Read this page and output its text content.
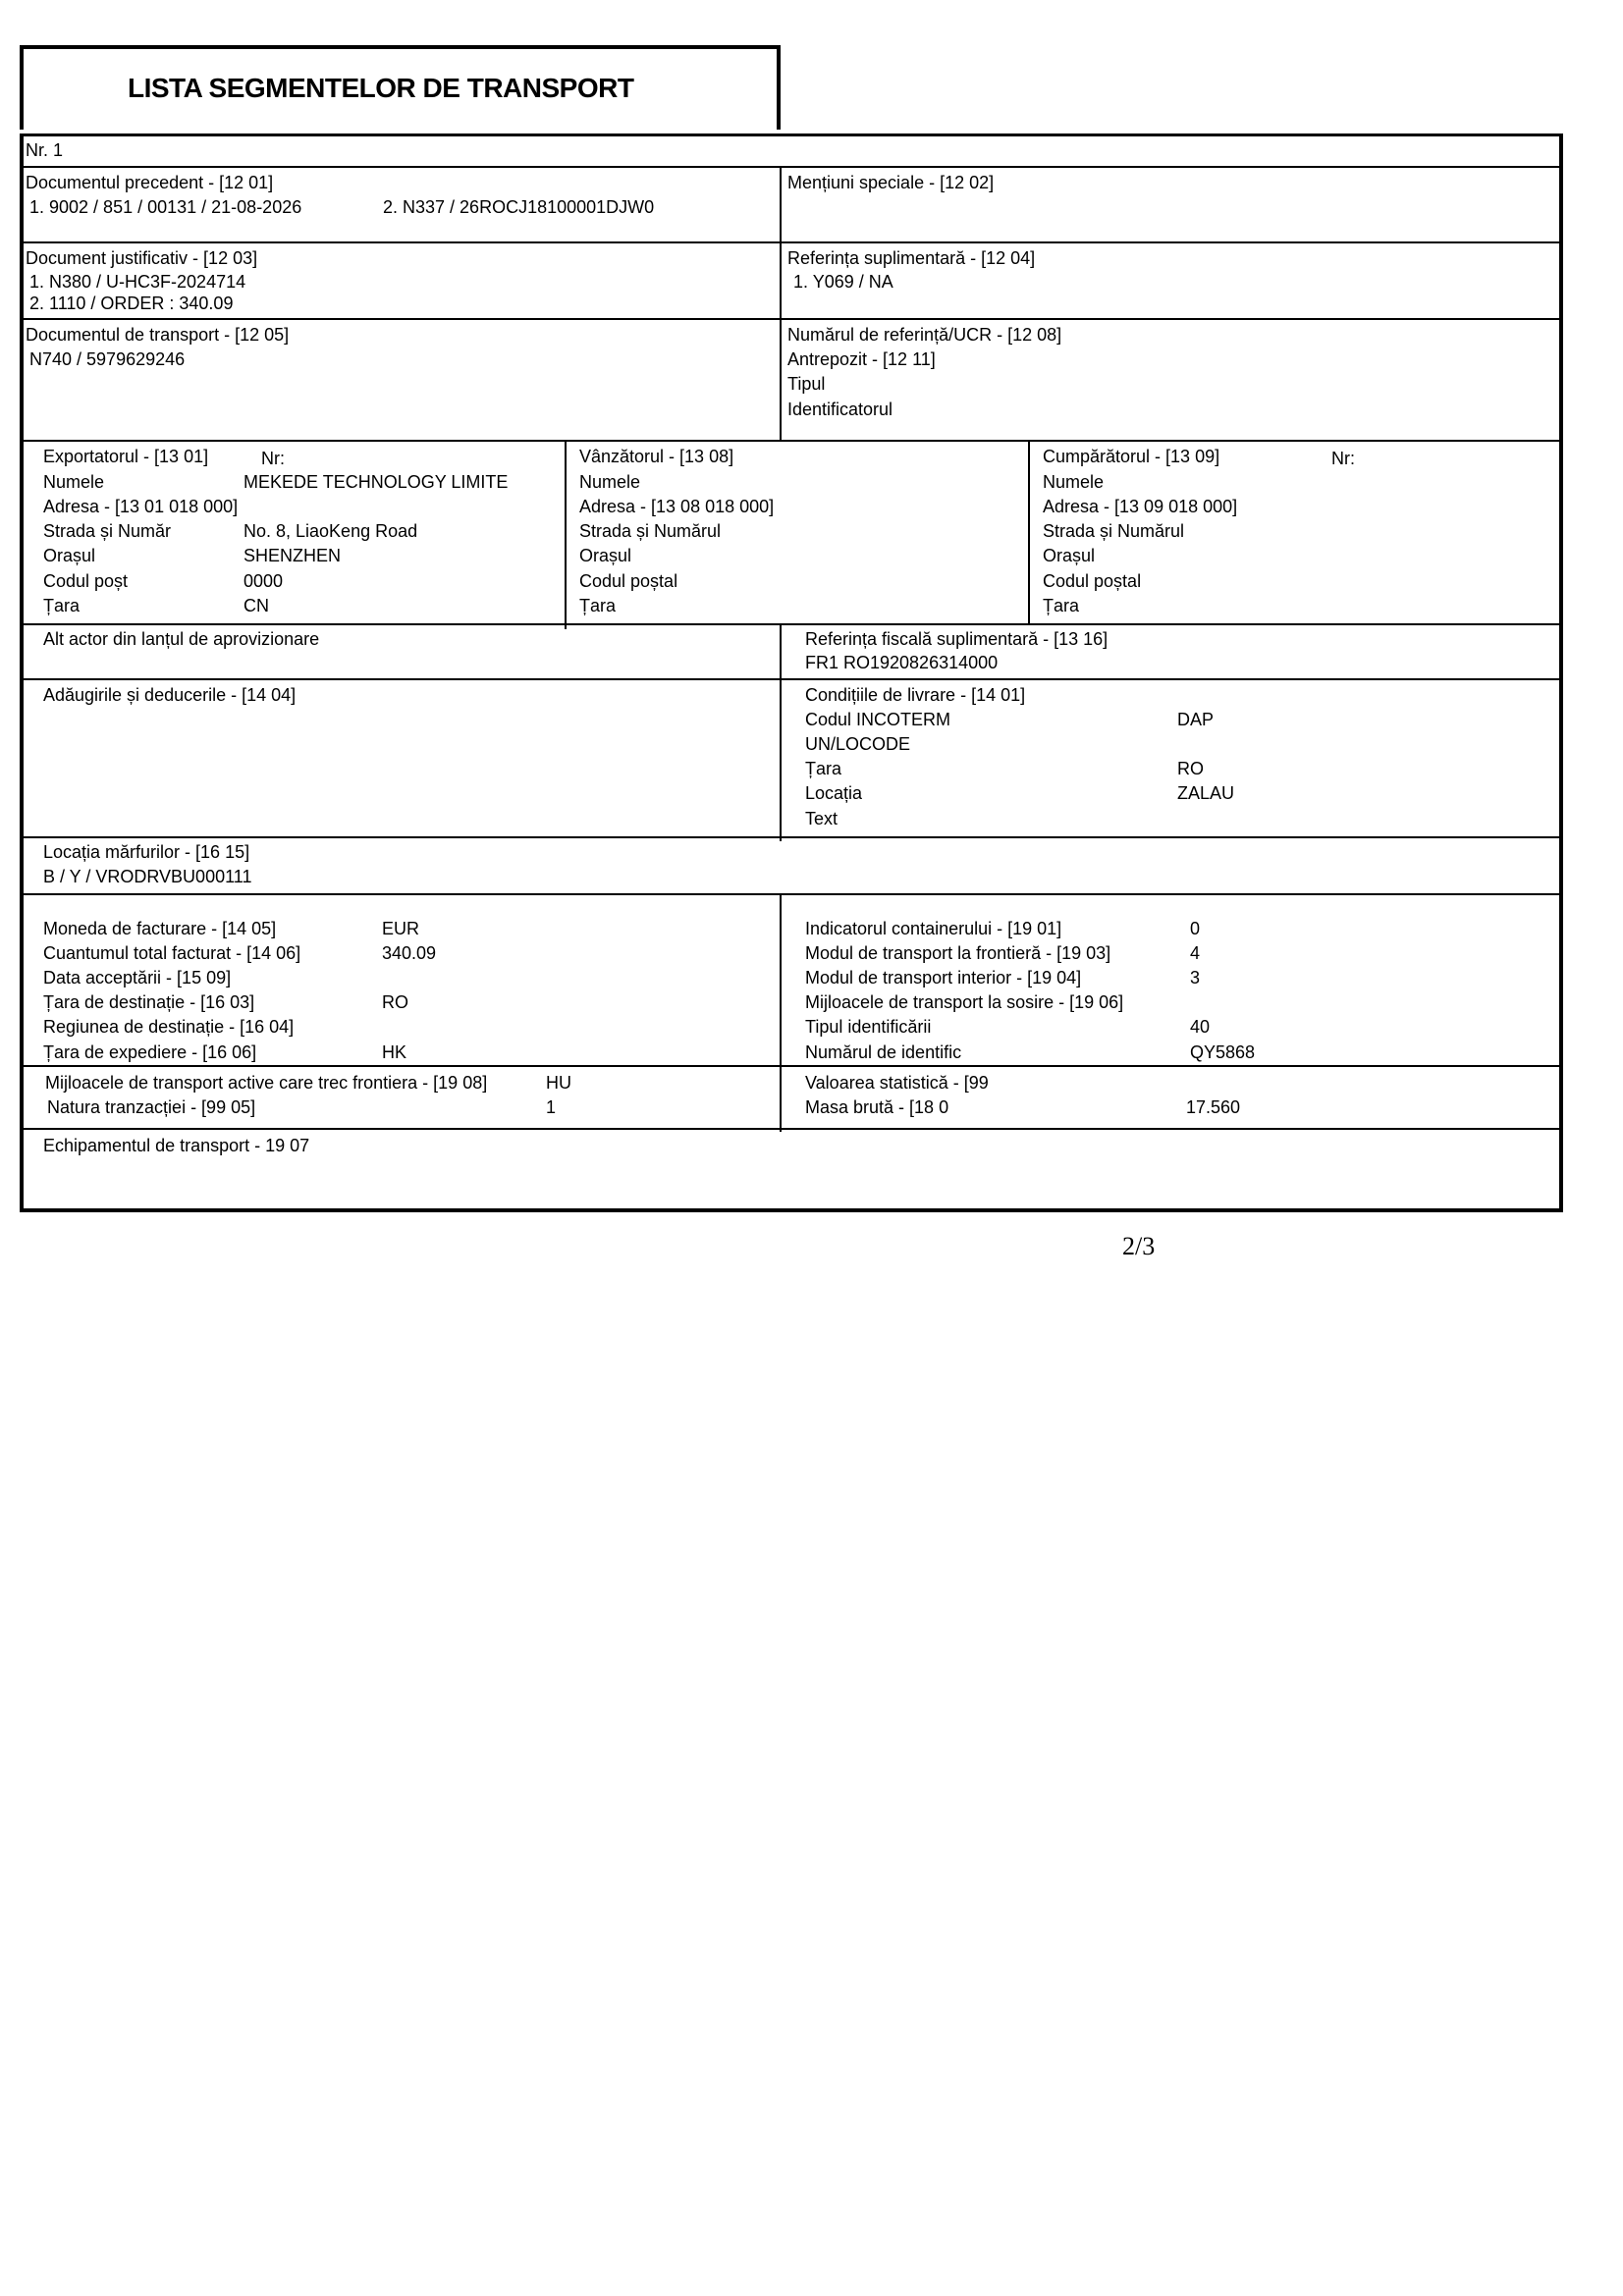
LISTA SEGMENTELOR DE TRANSPORT
Nr. 1
Documentul precedent - [12 01]
1. 9002 / 851 / 00131 / 21-08-2026	2. N337 / 26ROCJ18100001DJW0
Mențiuni speciale - [12 02]
Document justificativ - [12 03]
1. N380 / U-HC3F-2024714
2. 1110 / ORDER : 340.09
Referința suplimentară - [12 04]
1. Y069 / NA
Documentul de transport - [12 05]
N740 / 5979629246
Numărul de referință/UCR - [12 08]
Antrepozit - [12 11]
Tipul
Identificatorul
Exportatorul - [13 01]	Nr:
Numele	MEKEDE TECHNOLOGY LIMITE
Adresa - [13 01 018 000]
Strada și Număr	No. 8, LiaoKeng Road
Orașul	SHENZHEN
Codul poșt	0000
Țara	CN
Vânzătorul - [13 08]
Numele
Adresa - [13 08 018 000]
Strada și Numărul
Orașul
Codul poștal
Țara
Cumpărătorul - [13 09]	Nr:
Numele
Adresa - [13 09 018 000]
Strada și Numărul
Orașul
Codul poștal
Țara
Alt actor din lanțul de aprovizionare	Referința fiscală suplimentară - [13 16]
FR1 RO1920826314000
Adăugirile și deducerile - [14 04]	Condițiile de livrare - [14 01]
Codul INCOTERM	DAP
UN/LOCODE
Țara	RO
Locația	ZALAU
Text
Locația mărfurilor - [16 15]
B / Y / VRODRVBU000111
Moneda de facturare - [14 05]	EUR
Cuantumul total facturat - [14 06]	340.09
Data acceptării - [15 09]
Țara de destinație - [16 03]	RO
Regiunea de destinație - [16 04]
Țara de expediere - [16 06]	HK
Indicatorul containerului - [19 01]	0
Modul de transport la frontieră - [19 03]	4
Modul de transport interior - [19 04]	3
Mijloacele de transport la sosire - [19 06]
Tipul identificării	40
Numărul de identific	QY5868
Mijloacele de transport active care trec frontiera - [19 08]	HU
Natura tranzacției - [99 05]	1
Valoarea statistică - [99
Masa brută - [18 0	17.560
Echipamentul de transport - 19 07
2/3
